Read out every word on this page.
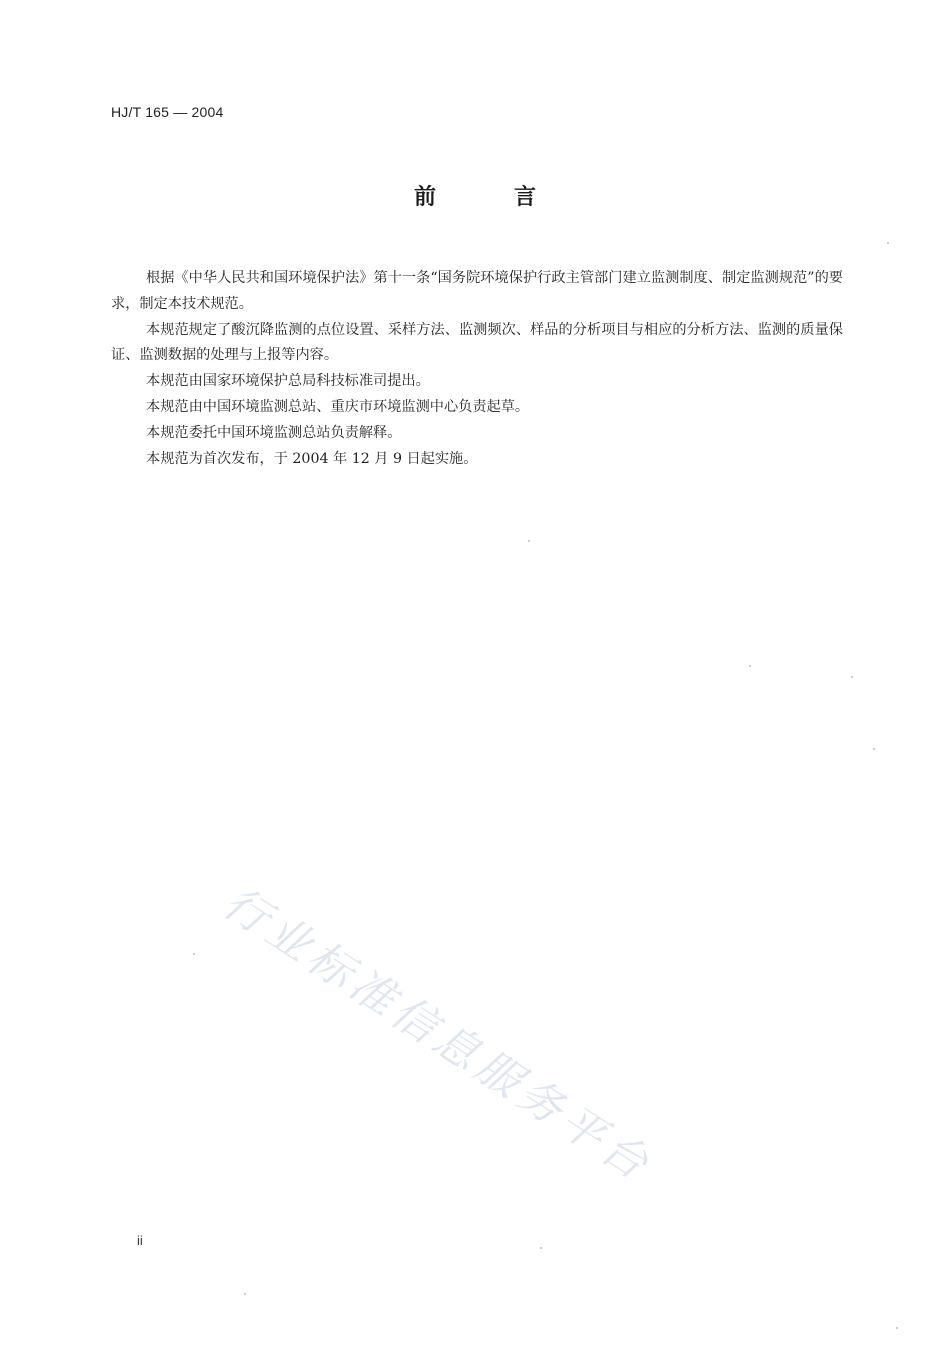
HJ/T 165 — 2004
前	言

根据《中华人民共和国环境保护法》第十一条“国务院环境保护行政主管部门建立监测制度、制定监测规范”的要求，制定本技术规范。

本规范规定了酸沉降监测的点位设置、采样方法、监测频次、样品的分析项目与相应的分析方法、监测的质量保证、监测数据的处理与上报等内容。

本规范由国家环境保护总局科技标准司提出。

本规范由中国环境监测总站、重庆市环境监测中心负责起草。

本规范委托中国环境监测总站负责解释。

本规范为首次发布，于 2004 年 12 月 9 日起实施。

行业标准信息服务平台
ii
